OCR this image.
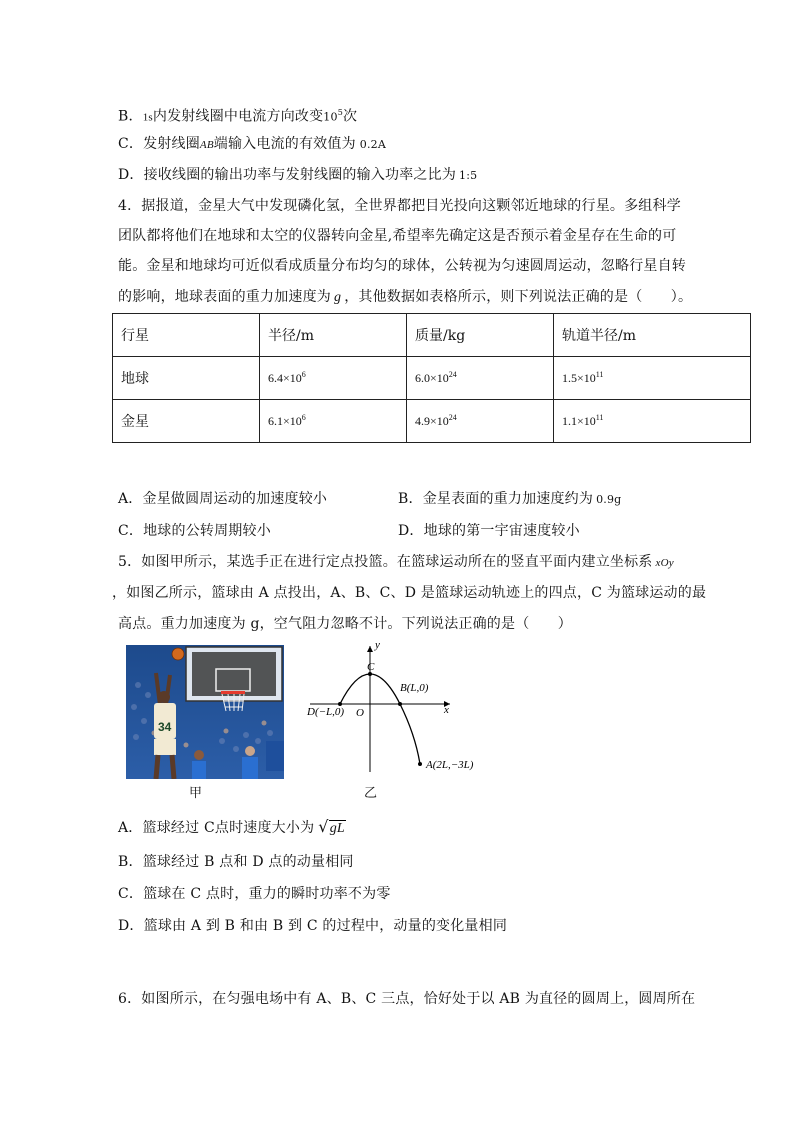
B．1s内发射线圈中电流方向改变$10^5$次
C．发射线圈AB端输入电流的有效值为 0.2A
D．接收线圈的输出功率与发射线圈的输入功率之比为 1:5
4．据报道，金星大气中发现磷化氢，全世界都把目光投向这颗邻近地球的行星。多组科学
团队都将他们在地球和太空的仪器转向金星,希望率先确定这是否预示着金星存在生命的可
能。金星和地球均可近似看成质量分布均匀的球体，公转视为匀速圆周运动，忽略行星自转
的影响，地球表面的重力加速度为 g ，其他数据如表格所示，则下列说法正确的是（　　）。
行星	半径/m	质量/kg	轨道半径/m
地球	$6.4\times 10^6$	$6.0\times 10^{24}$	$1.5\times 10^{11}$
金星	$6.1\times 10^6$	$4.9\times 10^{24}$	$1.1\times 10^{11}$
A．金星做圆周运动的加速度较小	B．金星表面的重力加速度约为 0.9g
C．地球的公转周期较小	D．地球的第一宇宙速度较小
5．如图甲所示，某选手正在进行定点投篮。在篮球运动所在的竖直平面内建立坐标系 xOy
，如图乙所示，篮球由 A 点投出，A、B、C、D 是篮球运动轨迹上的四点，C 为篮球运动的最
高点。重力加速度为 g，空气阻力忽略不计。下列说法正确的是（　　）
34
甲
y
x
O
C
B(L,0)
D(−L,0)
A(2L,−3L)
乙
A．篮球经过 C点时速度大小为 √gL
B．篮球经过 B 点和 D 点的动量相同
C．篮球在 C 点时，重力的瞬时功率不为零
D．篮球由 A 到 B 和由 B 到 C 的过程中，动量的变化量相同
6．如图所示，在匀强电场中有 A、B、C 三点，恰好处于以 AB 为直径的圆周上，圆周所在
